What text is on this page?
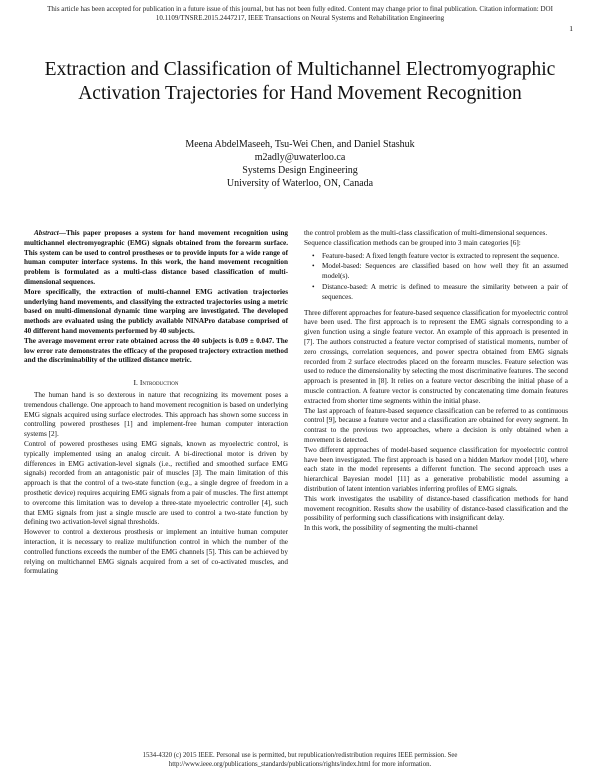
This article has been accepted for publication in a future issue of this journal, but has not been fully edited. Content may change prior to final publication. Citation information: DOI 10.1109/TNSRE.2015.2447217, IEEE Transactions on Neural Systems and Rehabilitation Engineering
1
Extraction and Classification of Multichannel Electromyographic Activation Trajectories for Hand Movement Recognition
Meena AbdelMaseeh, Tsu-Wei Chen, and Daniel Stashuk
m2adly@uwaterloo.ca
Systems Design Engineering
University of Waterloo, ON, Canada

Abstract—This paper proposes a system for hand movement recognition using multichannel electromyographic (EMG) signals obtained from the forearm surface. This system can be used to control prostheses or to provide inputs for a wide range of human computer interface systems. In this work, the hand movement recognition problem is formulated as a multi-class distance based classification of multi-dimensional sequences.

More specifically, the extraction of multi-channel EMG activation trajectories underlying hand movements, and classifying the extracted trajectories using a metric based on multi-dimensional dynamic time warping are investigated. The developed methods are evaluated using the publicly available NINAPro database comprised of 40 different hand movements performed by 40 subjects.

The average movement error rate obtained across the 40 subjects is 0.09 ± 0.047. The low error rate demonstrates the efficacy of the proposed trajectory extraction method and the discriminability of the utilized distance metric.

I. Introduction

The human hand is so dexterous in nature that recognizing its movement poses a tremendous challenge. One approach to hand movement recognition is based on underlying EMG signals acquired using surface electrodes. This approach has shown some success in controlling powered prostheses [1] and implement-free human computer interaction systems [2].

Control of powered prostheses using EMG signals, known as myoelectric control, is typically implemented using an analog circuit. A bi-directional motor is driven by differences in EMG activation-level signals (i.e., rectified and smoothed surface EMG signals) recorded from an antagonistic pair of muscles [3]. The main limitation of this approach is that the control of a two-state function (e.g., a single degree of freedom in a prosthetic device) requires acquiring EMG signals from a pair of muscles. The first attempt to overcome this limitation was to develop a three-state myoelectric controller [4], such that EMG signals from just a single muscle are used to control a two-state function by defining two activation-level signal thresholds.

However to control a dexterous prosthesis or implement an intuitive human computer interaction, it is necessary to realize multifunction control in which the number of the controlled functions exceeds the number of the EMG channels [5]. This can be achieved by relying on multichannel EMG signals acquired from a set of co-activated muscles, and formulating

the control problem as the multi-class classification of multi-dimensional sequences.

Sequence classification methods can be grouped into 3 main categories [6]:

• Feature-based: A fixed length feature vector is extracted to represent the sequence.
• Model-based: Sequences are classified based on how well they fit an assumed model(s).
• Distance-based: A metric is defined to measure the similarity between a pair of sequences.

Three different approaches for feature-based sequence classification for myoelectric control have been used. The first approach is to represent the EMG signals corresponding to a given function using a single feature vector. An example of this approach is presented in [7]. The authors constructed a feature vector comprised of statistical moments, number of zero crossings, correlation sequences, and power spectra obtained from EMG signals recorded from 2 surface electrodes placed on the forearm muscles. Feature selection was used to reduce the dimensionality by selecting the most discriminative features. The second approach is presented in [8]. It relies on a feature vector describing the initial phase of a muscle contraction. A feature vector is constructed by concatenating time domain features extracted from shorter time segments within the initial phase.

The last approach of feature-based sequence classification can be referred to as continuous control [9], because a feature vector and a classification are obtained for every segment. In contrast to the previous two approaches, where a decision is only obtained when a movement is detected.

Two different approaches of model-based sequence classification for myoelectric control have been investigated. The first approach is based on a hidden Markov model [10], where each state in the model represents a different function. The second approach uses a hierarchical Bayesian model [11] as a generative probabilistic model assuming a distribution of latent intention variables inferring profiles of EMG signals.

This work investigates the usability of distance-based classification methods for hand movement recognition. Results show the usability of distance-based classification and the possibility of performing such classifications with insignificant delay.

In this work, the possibility of segmenting the multi-channel

1534-4320 (c) 2015 IEEE. Personal use is permitted, but republication/redistribution requires IEEE permission. See
http://www.ieee.org/publications_standards/publications/rights/index.html for more information.
